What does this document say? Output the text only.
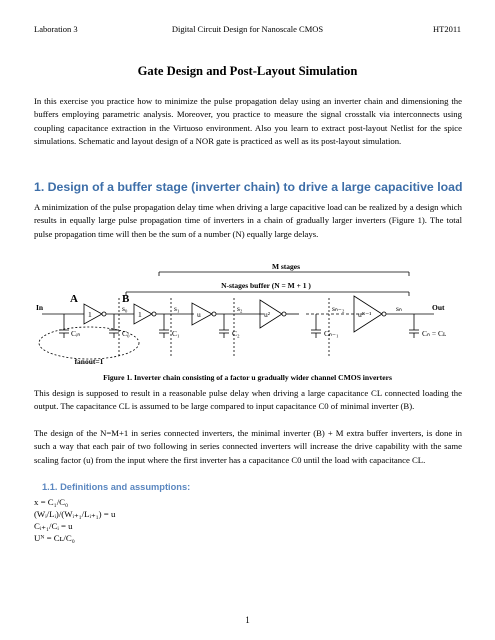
Laboration 3	Digital Circuit Design for Nanoscale CMOS	HT2011
Gate Design and Post-Layout Simulation

In this exercise you practice how to minimize the pulse propagation delay using an inverter chain and dimensioning the buffers employing parametric analysis. Moreover, you practice to measure the signal crosstalk via interconnects using coupling capacitance extraction in the Virtuoso environment. Also you learn to extract post-layout Netlist for the spice simulations. Schematic and layout design of a NOR gate is practiced as well as its post-layout simulation.

1. Design of a buffer stage (inverter chain) to drive a large capacitive load

A minimization of the pulse propagation delay time when driving a large capacitive load can be realized by a design which results in equally large pulse propagation time of inverters in a chain of gradually larger inverters (Figure 1). The total pulse propagation time will then be the sum of a number (N) equally large delays.

M stages
N-stages buffer (N = M + 1 )
In	Out
A	B
fanout=1
1	1	u	u²	uᴺ⁻¹
s₀	s₁	s₂	sₙ₋₂	sₙ
Cᵢₙ	C₀	C₁	C₂	Cₙ₋₁	Cₙ = Cʟ
Figure 1. Inverter chain consisting of a factor u gradually wider channel CMOS inverters

This design is supposed to result in a reasonable pulse delay when driving a large capacitance CL connected loading the output. The capacitance CL is assumed to be large compared to input capacitance C0 of minimal inverter (B).

The design of the N=M+1 in series connected inverters, the minimal inverter (B) + M extra buffer inverters, is done in such a way that each pair of two following in series connected inverters will increase the drive capability with the same scaling factor (u) from the input where the first inverter has a capacitance C0 until the load with capacitance CL.

1.1. Definitions and assumptions:
x = C₁/C₀
(Wᵢ/Lᵢ)/(Wᵢ₊₁/Lᵢ₊₁) = u
Cᵢ₊₁/Cᵢ = u
Uᴺ = Cʟ/C₀
1
